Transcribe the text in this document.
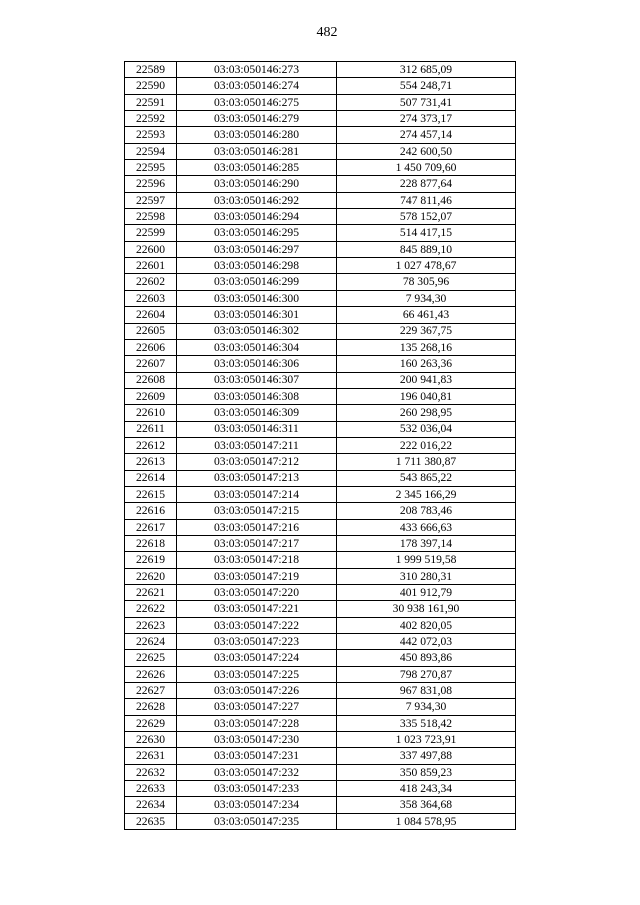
482
22589	03:03:050146:273	312 685,09
22590	03:03:050146:274	554 248,71
22591	03:03:050146:275	507 731,41
22592	03:03:050146:279	274 373,17
22593	03:03:050146:280	274 457,14
22594	03:03:050146:281	242 600,50
22595	03:03:050146:285	1 450 709,60
22596	03:03:050146:290	228 877,64
22597	03:03:050146:292	747 811,46
22598	03:03:050146:294	578 152,07
22599	03:03:050146:295	514 417,15
22600	03:03:050146:297	845 889,10
22601	03:03:050146:298	1 027 478,67
22602	03:03:050146:299	78 305,96
22603	03:03:050146:300	7 934,30
22604	03:03:050146:301	66 461,43
22605	03:03:050146:302	229 367,75
22606	03:03:050146:304	135 268,16
22607	03:03:050146:306	160 263,36
22608	03:03:050146:307	200 941,83
22609	03:03:050146:308	196 040,81
22610	03:03:050146:309	260 298,95
22611	03:03:050146:311	532 036,04
22612	03:03:050147:211	222 016,22
22613	03:03:050147:212	1 711 380,87
22614	03:03:050147:213	543 865,22
22615	03:03:050147:214	2 345 166,29
22616	03:03:050147:215	208 783,46
22617	03:03:050147:216	433 666,63
22618	03:03:050147:217	178 397,14
22619	03:03:050147:218	1 999 519,58
22620	03:03:050147:219	310 280,31
22621	03:03:050147:220	401 912,79
22622	03:03:050147:221	30 938 161,90
22623	03:03:050147:222	402 820,05
22624	03:03:050147:223	442 072,03
22625	03:03:050147:224	450 893,86
22626	03:03:050147:225	798 270,87
22627	03:03:050147:226	967 831,08
22628	03:03:050147:227	7 934,30
22629	03:03:050147:228	335 518,42
22630	03:03:050147:230	1 023 723,91
22631	03:03:050147:231	337 497,88
22632	03:03:050147:232	350 859,23
22633	03:03:050147:233	418 243,34
22634	03:03:050147:234	358 364,68
22635	03:03:050147:235	1 084 578,95
